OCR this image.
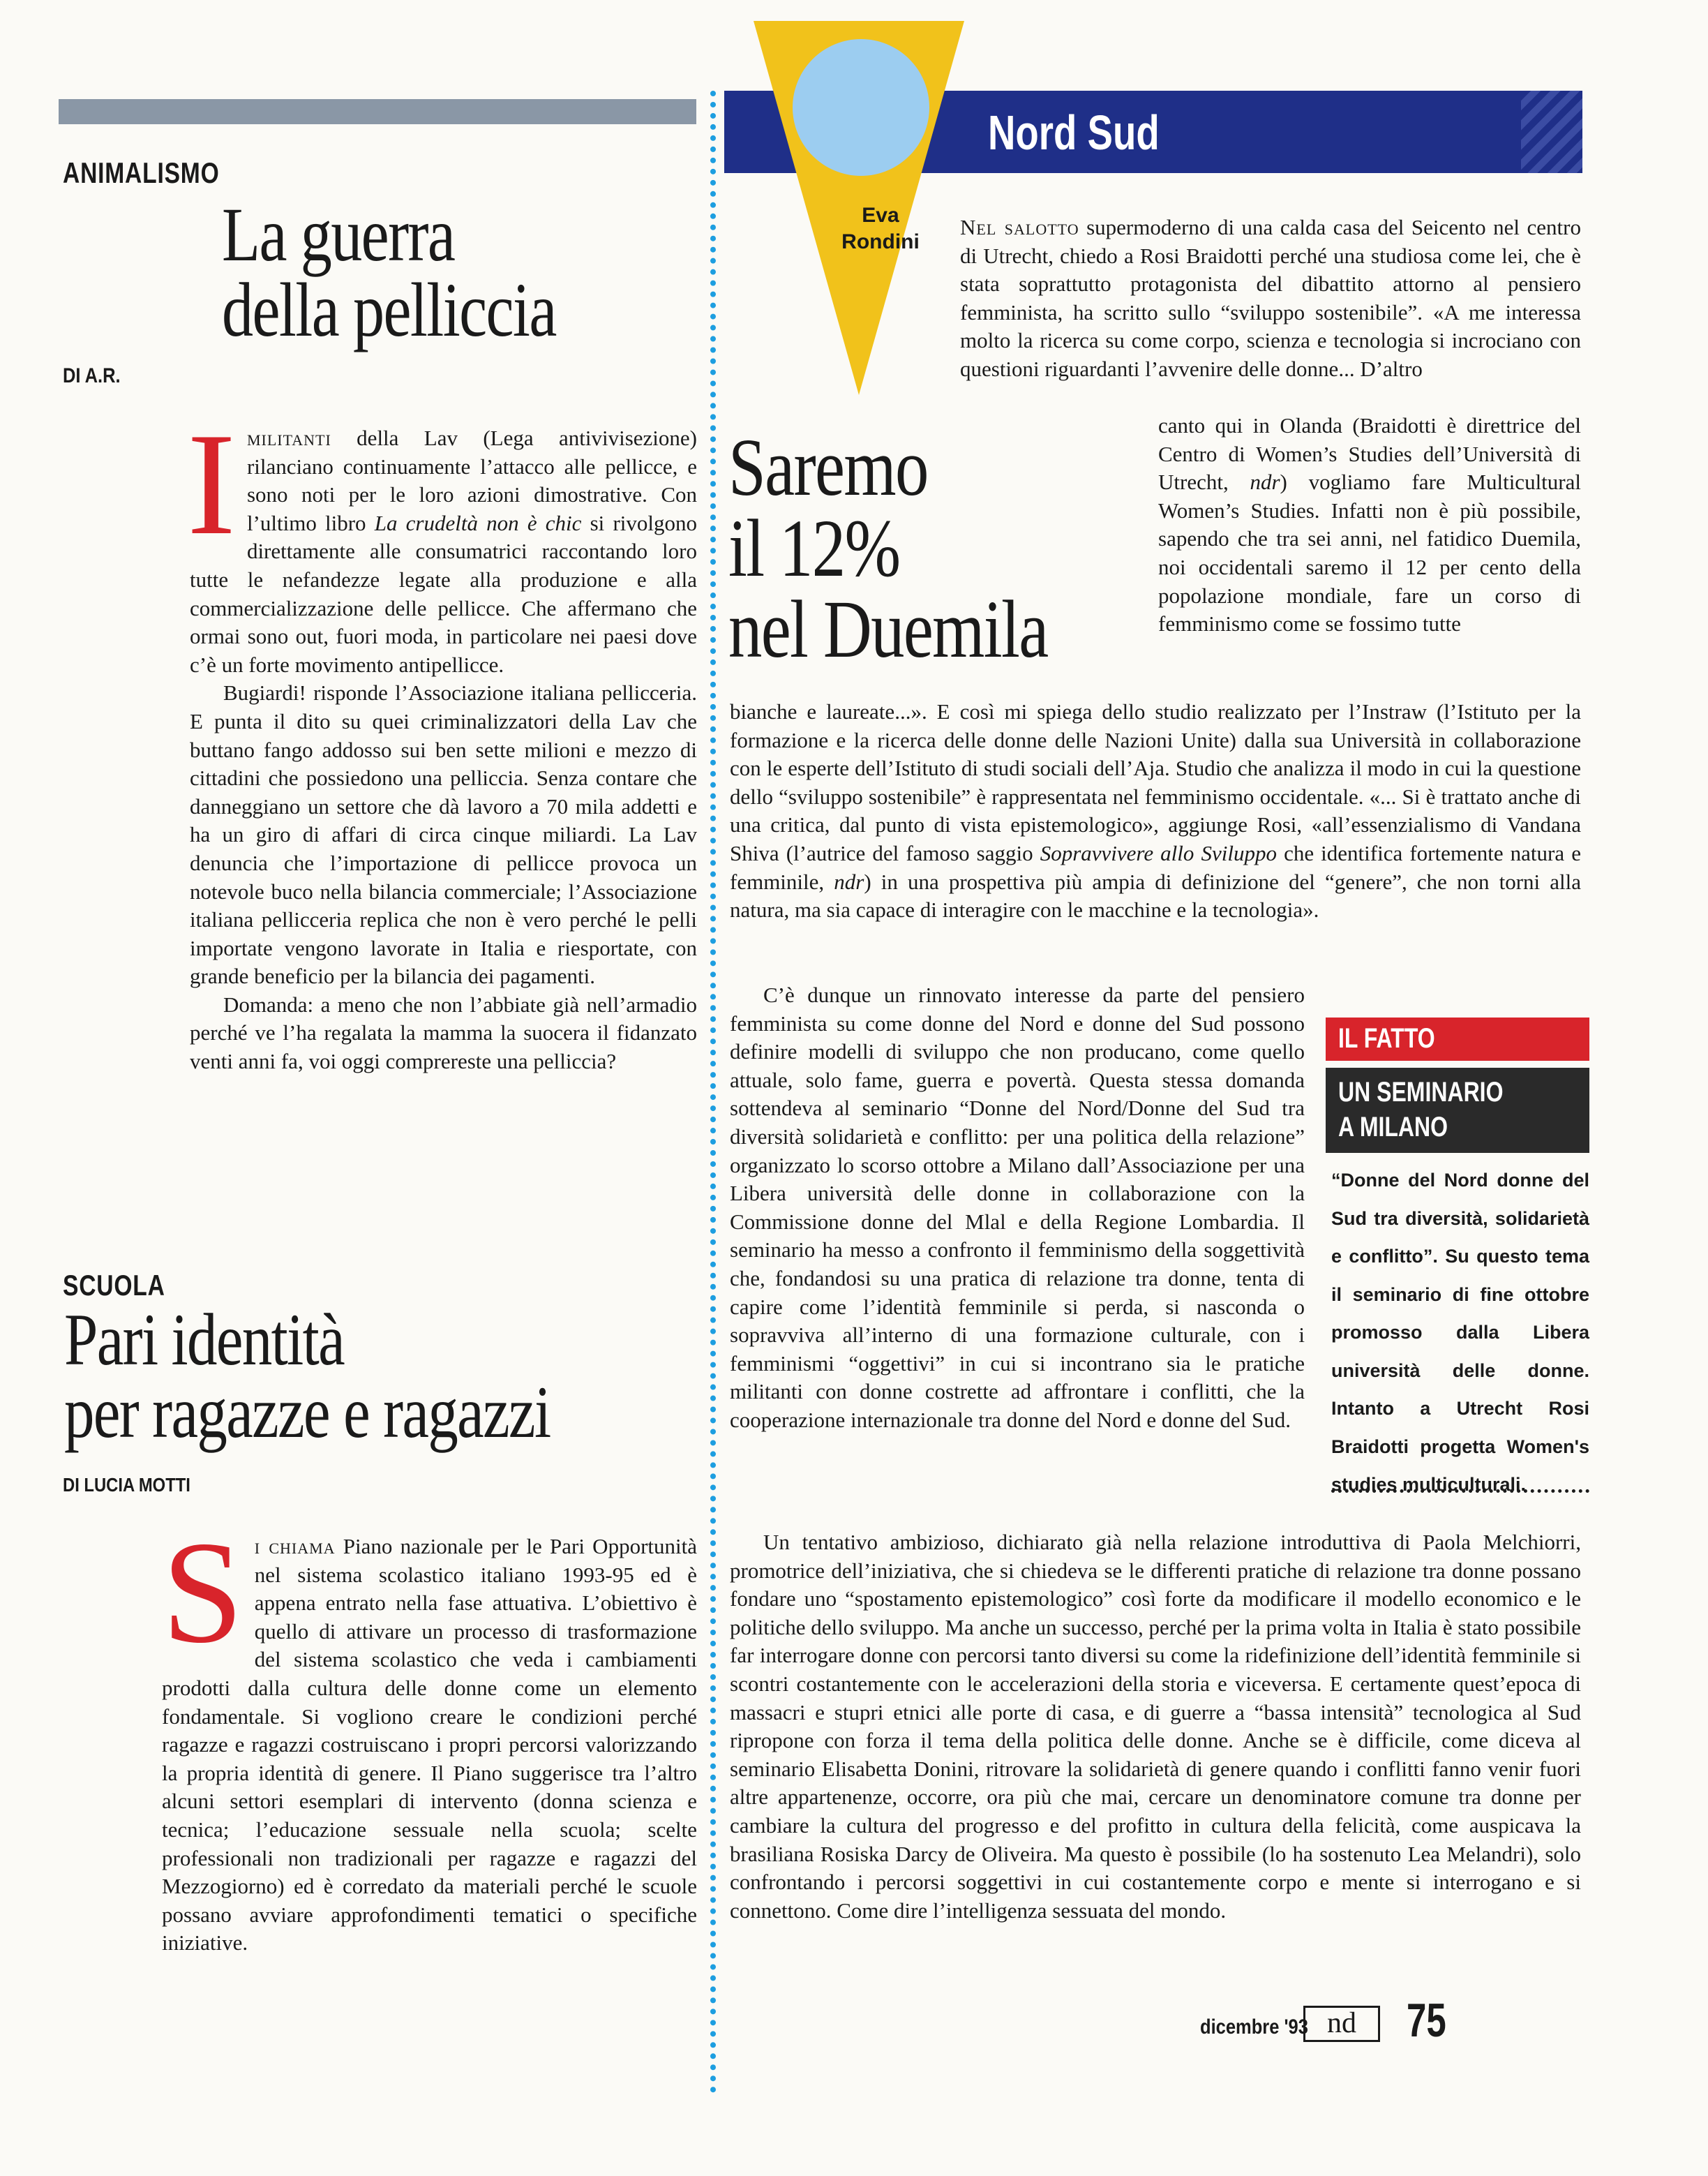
ANIMALISMO
La guerra
della pelliccia
DI A.R.
I militanti della Lav (Lega antivivisezione) rilanciano continuamente l’attacco alle pellicce, e sono noti per le loro azioni dimostrative. Con l’ultimo libro La crudeltà non è chic si rivolgono direttamente alle consumatrici raccontando loro tutte le nefandezze legate alla produzione e alla commercializzazione delle pellicce. Che affermano che ormai sono out, fuori moda, in particolare nei paesi dove c’è un forte movimento antipellicce.

Bugiardi! risponde l’Associazione italiana pellicceria. E punta il dito su quei criminalizzatori della Lav che buttano fango addosso sui ben sette milioni e mezzo di cittadini che possiedono una pelliccia. Senza contare che danneggiano un settore che dà lavoro a 70 mila addetti e ha un giro di affari di circa cinque miliardi. La Lav denuncia che l’importazione di pellicce provoca un notevole buco nella bilancia commerciale; l’Associazione italiana pellicceria replica che non è vero perché le pelli importate vengono lavorate in Italia e riesportate, con grande beneficio per la bilancia dei pagamenti.

Domanda: a meno che non l’abbiate già nell’armadio perché ve l’ha regalata la mamma la suocera il fidanzato venti anni fa, voi oggi comprereste una pelliccia?

SCUOLA
Pari identità
per ragazze e ragazzi
DI LUCIA MOTTI
S i chiama Piano nazionale per le Pari Opportunità nel sistema scolastico italiano 1993-95 ed è appena entrato nella fase attuativa. L’obiettivo è quello di attivare un processo di trasformazione del sistema scolastico che veda i cambiamenti prodotti dalla cultura delle donne come un elemento fondamentale. Si vogliono creare le condizioni perché ragazze e ragazzi costruiscano i propri percorsi valorizzando la propria identità di genere. Il Piano suggerisce tra l’altro alcuni settori esemplari di intervento (donna scienza e tecnica; l’educazione sessuale nella scuola; scelte professionali non tradizionali per ragazze e ragazzi del Mezzogiorno) ed è corredato da materiali perché le scuole possano avviare approfondimenti tematici o specifiche iniziative.

Nord Sud
Eva
Rondini

Nel salotto supermoderno di una calda casa del Seicento nel centro di Utrecht, chiedo a Rosi Braidotti perché una studiosa come lei, che è stata soprattutto protagonista del dibattito attorno al pensiero femminista, ha scritto sullo “sviluppo sostenibile”. «A me interessa molto la ricerca su come corpo, scienza e tecnologia si incrociano con questioni riguardanti l’avvenire delle donne... D’altro

Saremo
il 12%
nel Duemila

canto qui in Olanda (Braidotti è direttrice del Centro di Women’s Studies dell’Università di Utrecht, ndr) vogliamo fare Multicultural Women’s Studies. Infatti non è più possibile, sapendo che tra sei anni, nel fatidico Duemila, noi occidentali saremo il 12 per cento della popolazione mondiale, fare un corso di femminismo come se fossimo tutte

bianche e laureate...». E così mi spiega dello studio realizzato per l’Instraw (l’Istituto per la formazione e la ricerca delle donne delle Nazioni Unite) dalla sua Università in collaborazione con le esperte dell’Istituto di studi sociali dell’Aja. Studio che analizza il modo in cui la questione dello “sviluppo sostenibile” è rappresentata nel femminismo occidentale. «... Si è trattato anche di una critica, dal punto di vista epistemologico», aggiunge Rosi, «all’essenzialismo di Vandana Shiva (l’autrice del famoso saggio Sopravvivere allo Sviluppo che identifica fortemente natura e femminile, ndr) in una prospettiva più ampia di definizione del “genere”, che non torni alla natura, ma sia capace di interagire con le macchine e la tecnologia».

C’è dunque un rinnovato interesse da parte del pensiero femminista su come donne del Nord e donne del Sud possono definire modelli di sviluppo che non producano, come quello attuale, solo fame, guerra e povertà. Questa stessa domanda sottendeva al seminario “Donne del Nord/Donne del Sud tra diversità solidarietà e conflitto: per una politica della relazione” organizzato lo scorso ottobre a Milano dall’Associazione per una Libera università delle donne in collaborazione con la Commissione donne del Mlal e della Regione Lombardia. Il seminario ha messo a confronto il femminismo della soggettività che, fondandosi su una pratica di relazione tra donne, tenta di capire come l’identità femminile si perda, si nasconda o sopravviva all’interno di una formazione culturale, con i femminismi “oggettivi” in cui si incontrano sia le pratiche militanti con donne costrette ad affrontare i conflitti, che la cooperazione internazionale tra donne del Nord e donne del Sud.

IL FATTO
UN SEMINARIO
A MILANO
“Donne del Nord donne del Sud tra diversità, solidarietà e conflitto”. Su questo tema il seminario di fine ottobre promosso dalla Libera università delle donne. Intanto a Utrecht Rosi Braidotti progetta Women's studies multiculturali.

Un tentativo ambizioso, dichiarato già nella relazione introduttiva di Paola Melchiorri, promotrice dell’iniziativa, che si chiedeva se le differenti pratiche di relazione tra donne possano fondare uno “spostamento epistemologico” così forte da modificare il modello economico e le politiche dello sviluppo. Ma anche un successo, perché per la prima volta in Italia è stato possibile far interrogare donne con percorsi tanto diversi su come la ridefinizione dell’identità femminile si scontri costantemente con le accelerazioni della storia e viceversa. E certamente quest’epoca di massacri e stupri etnici alle porte di casa, e di guerre a “bassa intensità” tecnologica al Sud ripropone con forza il tema della politica delle donne. Anche se è difficile, come diceva al seminario Elisabetta Donini, ritrovare la solidarietà di genere quando i conflitti fanno venir fuori altre appartenenze, occorre, ora più che mai, cercare un denominatore comune tra donne per cambiare la cultura del progresso e del profitto in cultura della felicità, come auspicava la brasiliana Rosiska Darcy de Oliveira. Ma questo è possibile (lo ha sostenuto Lea Melandri), solo confrontando i percorsi soggettivi in cui costantemente corpo e mente si interrogano e si connettono. Come dire l’intelligenza sessuata del mondo.

dicembre '93 nd	75
